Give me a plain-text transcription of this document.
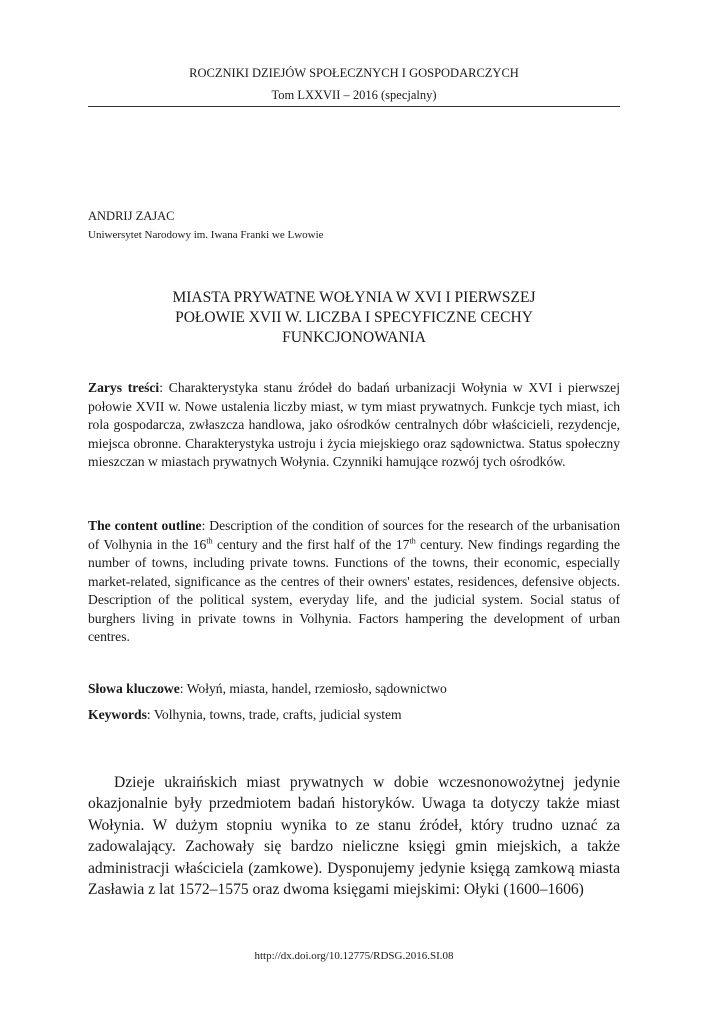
ROCZNIKI DZIEJÓW SPOŁECZNYCH I GOSPODARCZYCH
Tom LXXVII – 2016 (specjalny)
ANDRIJ ZAJAC
Uniwersytet Narodowy im. Iwana Franki we Lwowie
MIASTA PRYWATNE WOŁYNIA W XVI I PIERWSZEJ
POŁOWIE XVII W. LICZBA I SPECYFICZNE CECHY
FUNKCJONOWANIA

Zarys treści: Charakterystyka stanu źródeł do badań urbanizacji Wołynia w XVI i pierwszej połowie XVII w. Nowe ustalenia liczby miast, w tym miast prywatnych. Funkcje tych miast, ich rola gospodarcza, zwłaszcza handlowa, jako ośrodków centralnych dóbr właścicieli, rezydencje, miejsca obronne. Charakterystyka ustroju i życia miejskiego oraz sądownictwa. Status społeczny mieszczan w miastach prywatnych Wołynia. Czynniki hamujące rozwój tych ośrodków.

The content outline: Description of the condition of sources for the research of the urbanisation of Volhynia in the 16th century and the first half of the 17th century. New findings regarding the number of towns, including private towns. Functions of the towns, their economic, especially market-related, significance as the centres of their owners' estates, residences, defensive objects. Description of the political system, everyday life, and the judicial system. Social status of burghers living in private towns in Volhynia. Factors hampering the development of urban centres.

Słowa kluczowe: Wołyń, miasta, handel, rzemiosło, sądownictwo

Keywords: Volhynia, towns, trade, crafts, judicial system

Dzieje ukraińskich miast prywatnych w dobie wczesnonowożytnej jedynie okazjonalnie były przedmiotem badań historyków. Uwaga ta dotyczy także miast Wołynia. W dużym stopniu wynika to ze stanu źródeł, który trudno uznać za zadowalający. Zachowały się bardzo nieliczne księgi gmin miejskich, a także administracji właściciela (zamkowe). Dysponujemy jedynie księgą zamkową miasta Zasławia z lat 1572–1575 oraz dwoma księgami miejskimi: Ołyki (1600–1606)

http://dx.doi.org/10.12775/RDSG.2016.SI.08
